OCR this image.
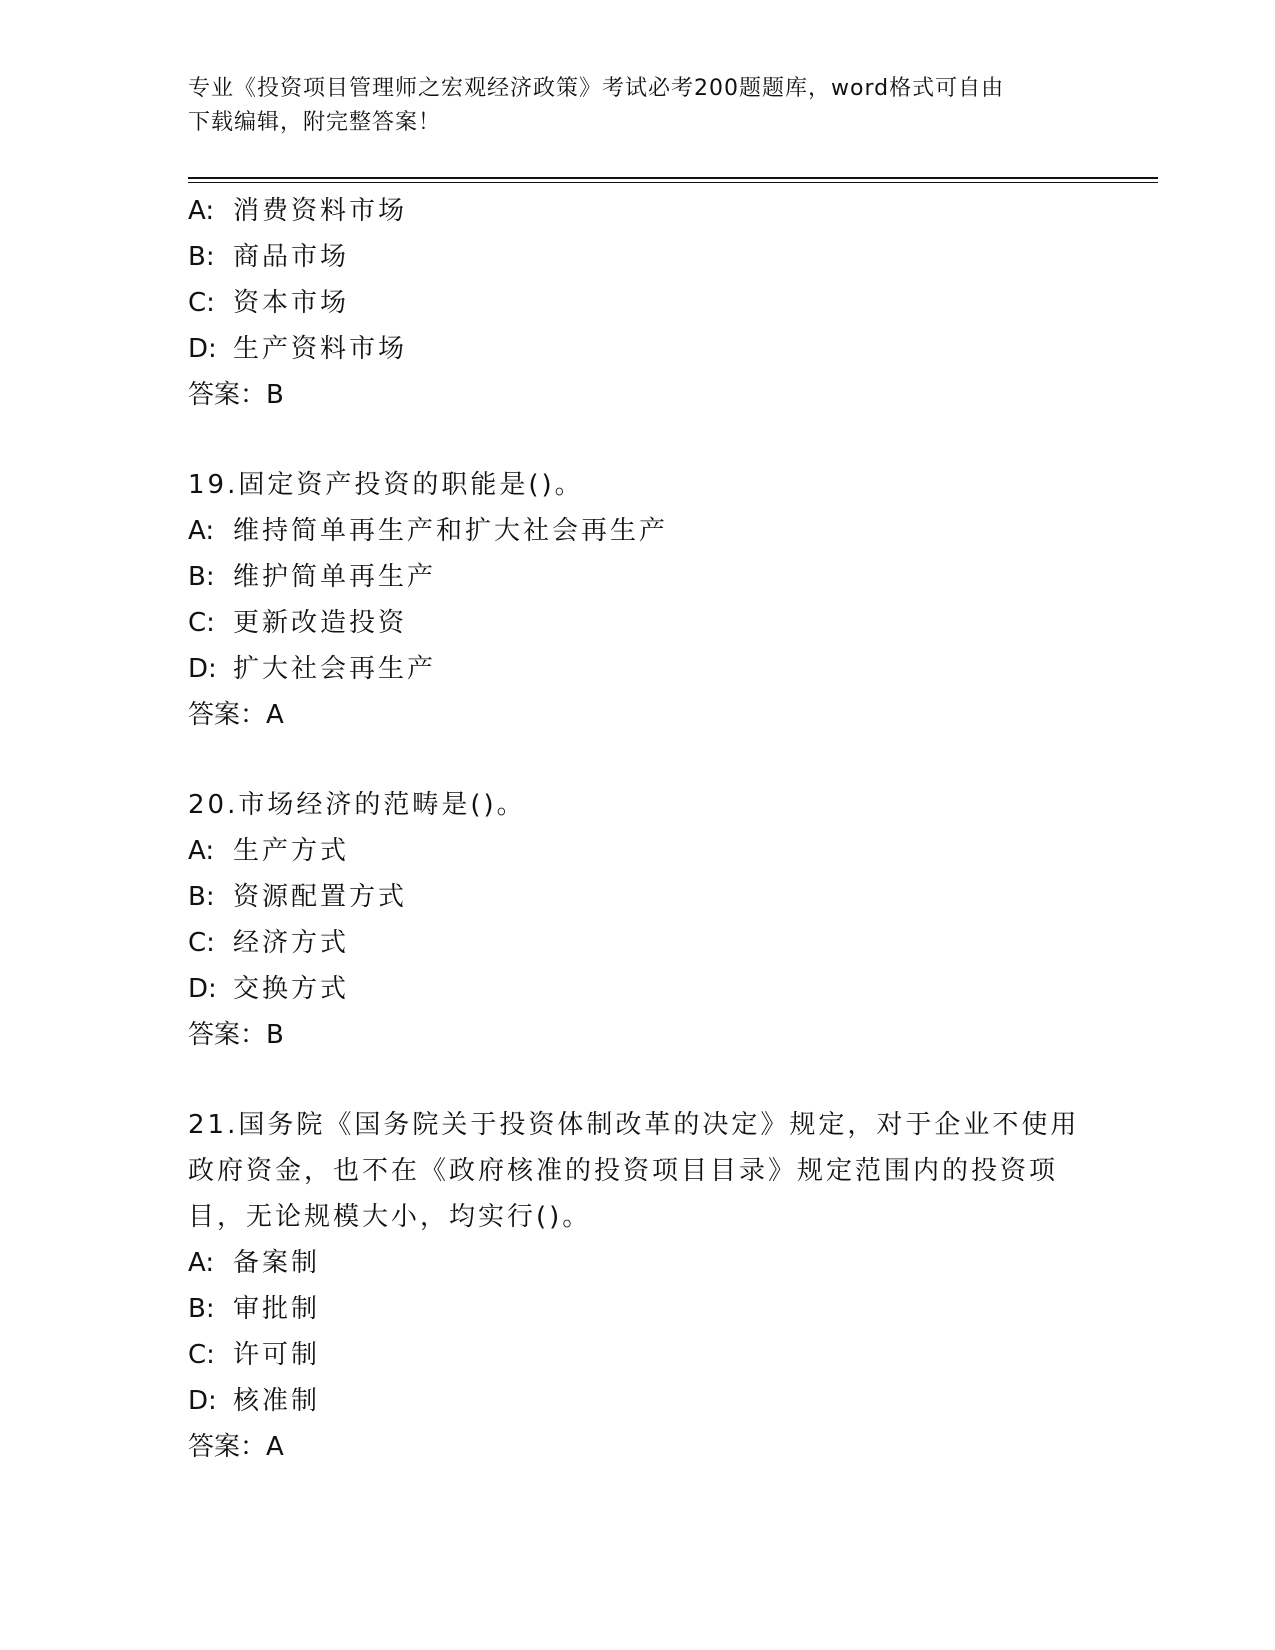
专业《投资项目管理师之宏观经济政策》考试必考200题题库，word格式可自由
下载编辑，附完整答案！
A: 消费资料市场
B: 商品市场
C: 资本市场
D: 生产资料市场
答案：B
19.固定资产投资的职能是()。
A: 维持简单再生产和扩大社会再生产
B: 维护简单再生产
C: 更新改造投资
D: 扩大社会再生产
答案：A
20.市场经济的范畴是()。
A: 生产方式
B: 资源配置方式
C: 经济方式
D: 交换方式
答案：B
21.国务院《国务院关于投资体制改革的决定》规定，对于企业不使用
政府资金，也不在《政府核准的投资项目目录》规定范围内的投资项
目，无论规模大小，均实行()。
A: 备案制
B: 审批制
C: 许可制
D: 核准制
答案：A
